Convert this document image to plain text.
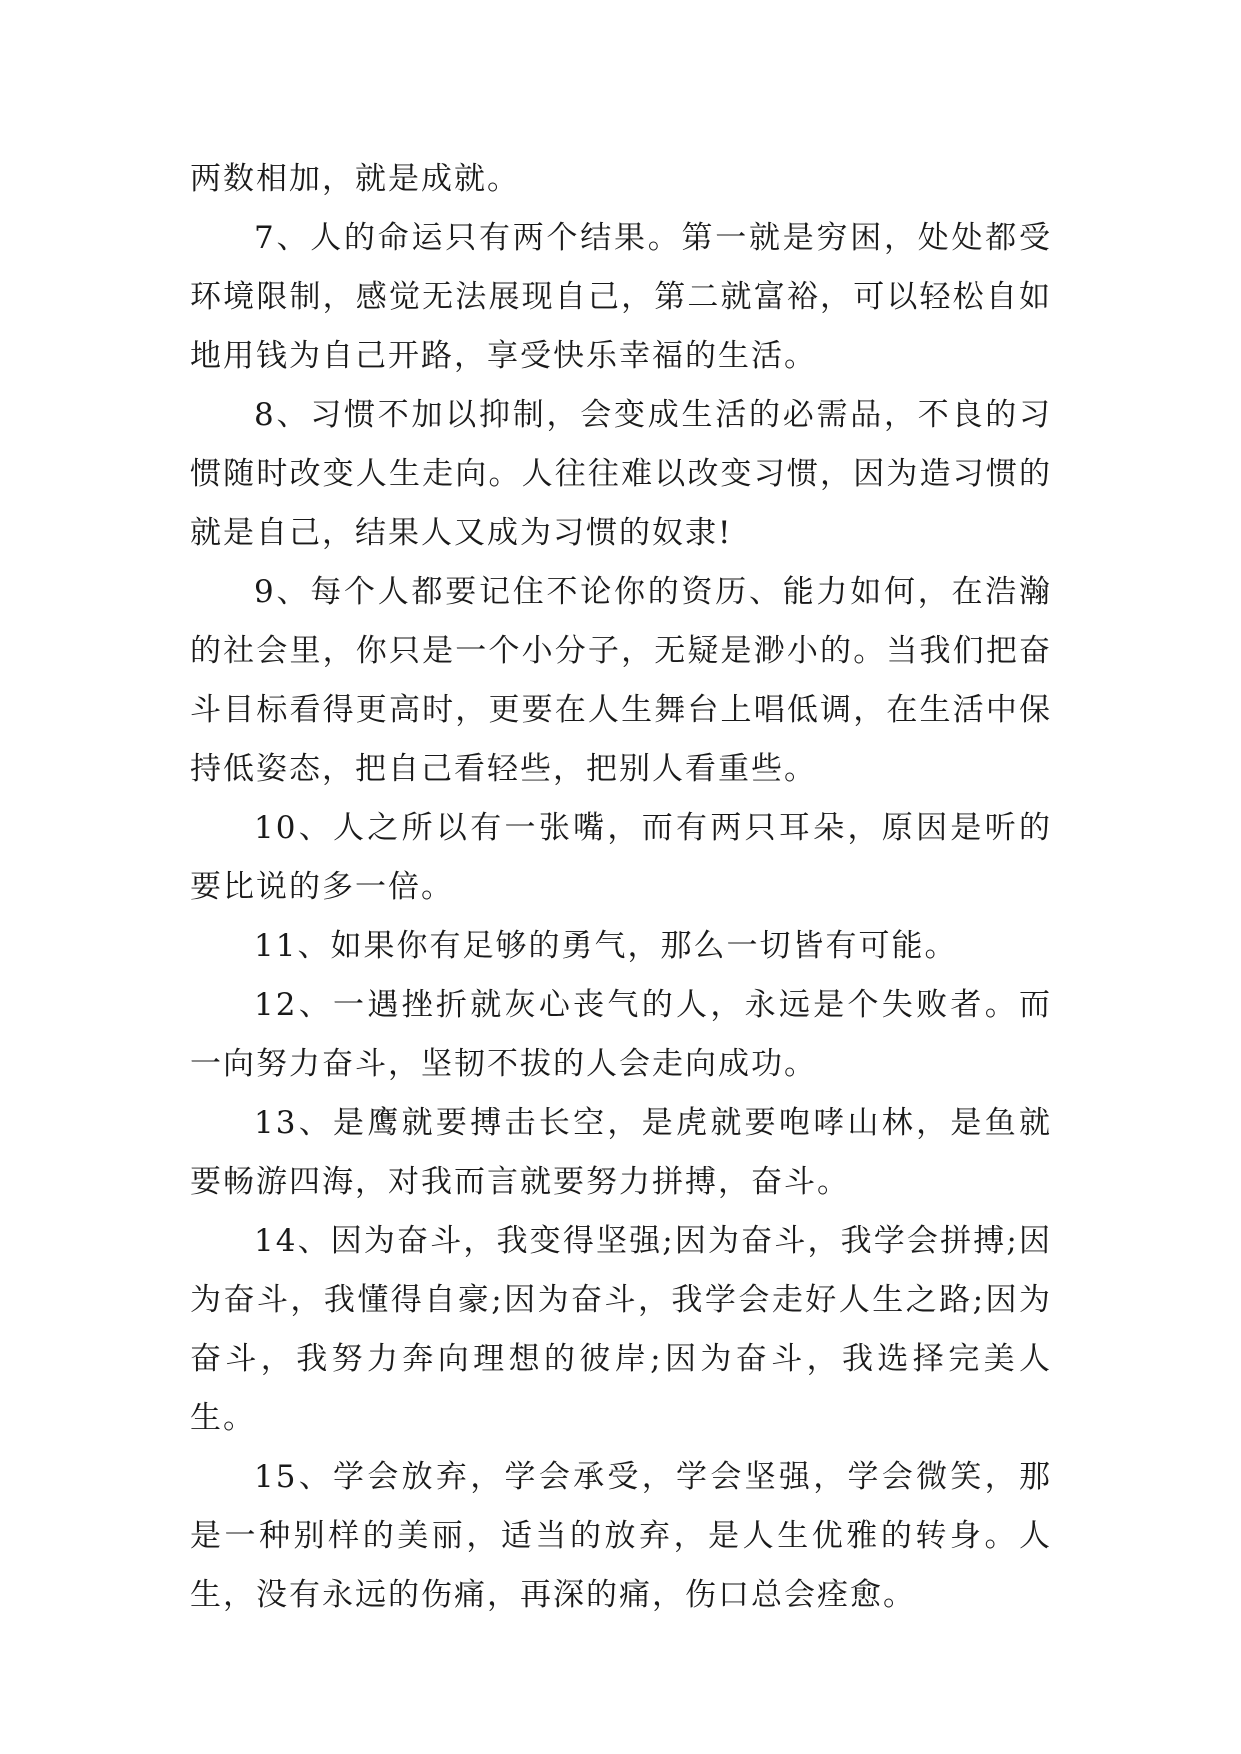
两数相加，就是成就。

7、人的命运只有两个结果。第一就是穷困，处处都受环境限制，感觉无法展现自己，第二就富裕，可以轻松自如地用钱为自己开路，享受快乐幸福的生活。

8、习惯不加以抑制，会变成生活的必需品，不良的习惯随时改变人生走向。人往往难以改变习惯，因为造习惯的就是自己，结果人又成为习惯的奴隶!

9、每个人都要记住不论你的资历、能力如何，在浩瀚的社会里，你只是一个小分子，无疑是渺小的。当我们把奋斗目标看得更高时，更要在人生舞台上唱低调，在生活中保持低姿态，把自己看轻些，把别人看重些。

10、人之所以有一张嘴，而有两只耳朵，原因是听的要比说的多一倍。

11、如果你有足够的勇气，那么一切皆有可能。

12、一遇挫折就灰心丧气的人，永远是个失败者。而一向努力奋斗，坚韧不拔的人会走向成功。

13、是鹰就要搏击长空，是虎就要咆哮山林，是鱼就要畅游四海，对我而言就要努力拼搏，奋斗。

14、因为奋斗，我变得坚强;因为奋斗，我学会拼搏;因为奋斗，我懂得自豪;因为奋斗，我学会走好人生之路;因为奋斗，我努力奔向理想的彼岸;因为奋斗，我选择完美人生。

15、学会放弃，学会承受，学会坚强，学会微笑，那是一种别样的美丽，适当的放弃，是人生优雅的转身。人生，没有永远的伤痛，再深的痛，伤口总会痊愈。
